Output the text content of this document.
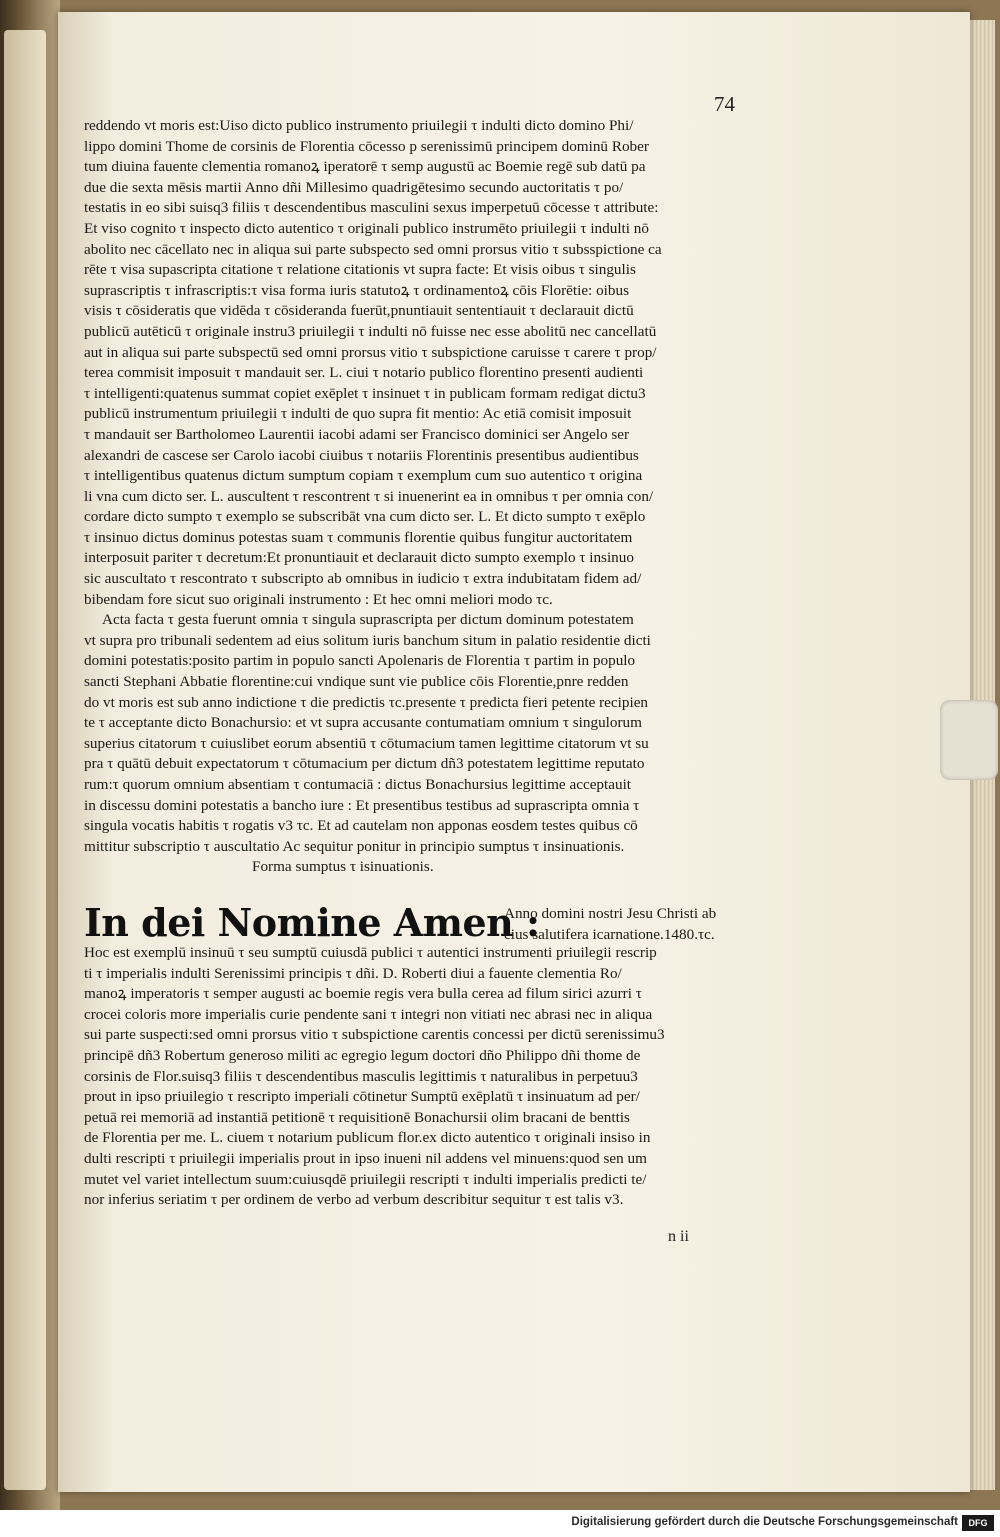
74
reddendo vt moris est:Uiso dicto publico instrumento priuilegii τ indulti dicto domino Phi/
lippo domini Thome de corsinis de Florentia cōcesso p serenissimū principem dominū Rober
tum diuina fauente clementia romanoꝝ iperatorē τ semp augustū ac Boemie regē sub datū pa
due die sexta mēsis martii Anno dñi Millesimo quadrigētesimo secundo auctoritatis τ po/
testatis in eo sibi suisq3 filiis τ descendentibus masculini sexus imperpetuū cōcesse τ attribute:
Et viso cognito τ inspecto dicto autentico τ originali publico instrumēto priuilegii τ indulti nō
abolito nec cācellato nec in aliqua sui parte subspecto sed omni prorsus vitio τ subsspictione ca
rēte τ visa supascripta citatione τ relatione citationis vt supra facte: Et visis oibus τ singulis
suprascriptis τ infrascriptis:τ visa forma iuris statutoꝝ τ ordinamentoꝝ cōis Florētie: oibus
visis τ cōsideratis que vidēda τ cōsideranda fuerūt,pnuntiauit sententiauit τ declarauit dictū
publicū autēticū τ originale instru3 priuilegii τ indulti nō fuisse nec esse abolitū nec cancellatū
aut in aliqua sui parte subspectū sed omni prorsus vitio τ subspictione caruisse τ carere τ prop/
terea commisit imposuit τ mandauit ser. L. ciui τ notario publico florentino presenti audienti
τ intelligenti:quatenus summat copiet exēplet τ insinuet τ in publicam formam redigat dictu3
publicū instrumentum priuilegii τ indulti de quo supra fit mentio: Ac etiā comisit imposuit
τ mandauit ser Bartholomeo Laurentii iacobi adami ser Francisco dominici ser Angelo ser
alexandri de cascese ser Carolo iacobi ciuibus τ notariis Florentinis presentibus audientibus
τ intelligentibus quatenus dictum sumptum copiam τ exemplum cum suo autentico τ origina
li vna cum dicto ser. L. auscultent τ rescontrent τ si inuenerint ea in omnibus τ per omnia con/
cordare dicto sumpto τ exemplo se subscribāt vna cum dicto ser. L. Et dicto sumpto τ exēplo
τ insinuo dictus dominus potestas suam τ communis florentie quibus fungitur auctoritatem
interposuit pariter τ decretum:Et pronuntiauit et declarauit dicto sumpto exemplo τ insinuo
sic auscultato τ rescontrato τ subscripto ab omnibus in iudicio τ extra indubitatam fidem ad/
bibendam fore sicut suo originali instrumento : Et hec omni meliori modo τc.
Acta facta τ gesta fuerunt omnia τ singula suprascripta per dictum dominum potestatem
vt supra pro tribunali sedentem ad eius solitum iuris banchum situm in palatio residentie dicti
domini potestatis:posito partim in populo sancti Apolenaris de Florentia τ partim in populo
sancti Stephani Abbatie florentine:cui vndique sunt vie publice cōis Florentie,pnre redden
do vt moris est sub anno indictione τ die predictis τc.presente τ predicta fieri petente recipien
te τ acceptante dicto Bonachursio: et vt supra accusante contumatiam omnium τ singulorum
superius citatorum τ cuiuslibet eorum absentiū τ cōtumacium tamen legittime citatorum vt su
pra τ quātū debuit expectatorum τ cōtumacium per dictum dñ3 potestatem legittime reputato
rum:τ quorum omnium absentiam τ contumaciā : dictus Bonachursius legittime acceptauit
in discessu domini potestatis a bancho iure : Et presentibus testibus ad suprascripta omnia τ
singula vocatis habitis τ rogatis v3 τc. Et ad cautelam non apponas eosdem testes quibus cō
mittitur subscriptio τ auscultatio Ac sequitur ponitur in principio sumptus τ insinuationis.
Forma sumptus τ isinuationis.
In dei Nomine Amen :
Anno domini nostri Jesu Christi ab
eius salutifera icarnatione.1480.τc.
Hoc est exemplū insinuū τ seu sumptū cuiusdā publici τ autentici instrumenti priuilegii rescrip
ti τ imperialis indulti Serenissimi principis τ dñi. D. Roberti diui a fauente clementia Ro/
manoꝝ imperatoris τ semper augusti ac boemie regis vera bulla cerea ad filum sirici azurri τ
crocei coloris more imperialis curie pendente sani τ integri non vitiati nec abrasi nec in aliqua
sui parte suspecti:sed omni prorsus vitio τ subspictione carentis concessi per dictū serenissimu3
principē dñ3 Robertum generoso militi ac egregio legum doctori dño Philippo dñi thome de
corsinis de Flor.suisq3 filiis τ descendentibus masculis legittimis τ naturalibus in perpetuu3
prout in ipso priuilegio τ rescripto imperiali cōtinetur Sumptū exēplatū τ insinuatum ad per/
petuā rei memoriā ad instantiā petitionē τ requisitionē Bonachursii olim bracani de benttis
de Florentia per me. L. ciuem τ notarium publicum flor.ex dicto autentico τ originali insiso in
dulti rescripti τ priuilegii imperialis prout in ipso inueni nil addens vel minuens:quod sen um
mutet vel variet intellectum suum:cuiusqdē priuilegii rescripti τ indulti imperialis predicti te/
nor inferius seriatim τ per ordinem de verbo ad verbum describitur sequitur τ est talis v3.
n ii
Digitalisierung gefördert durch die Deutsche Forschungsgemeinschaft	DFG
